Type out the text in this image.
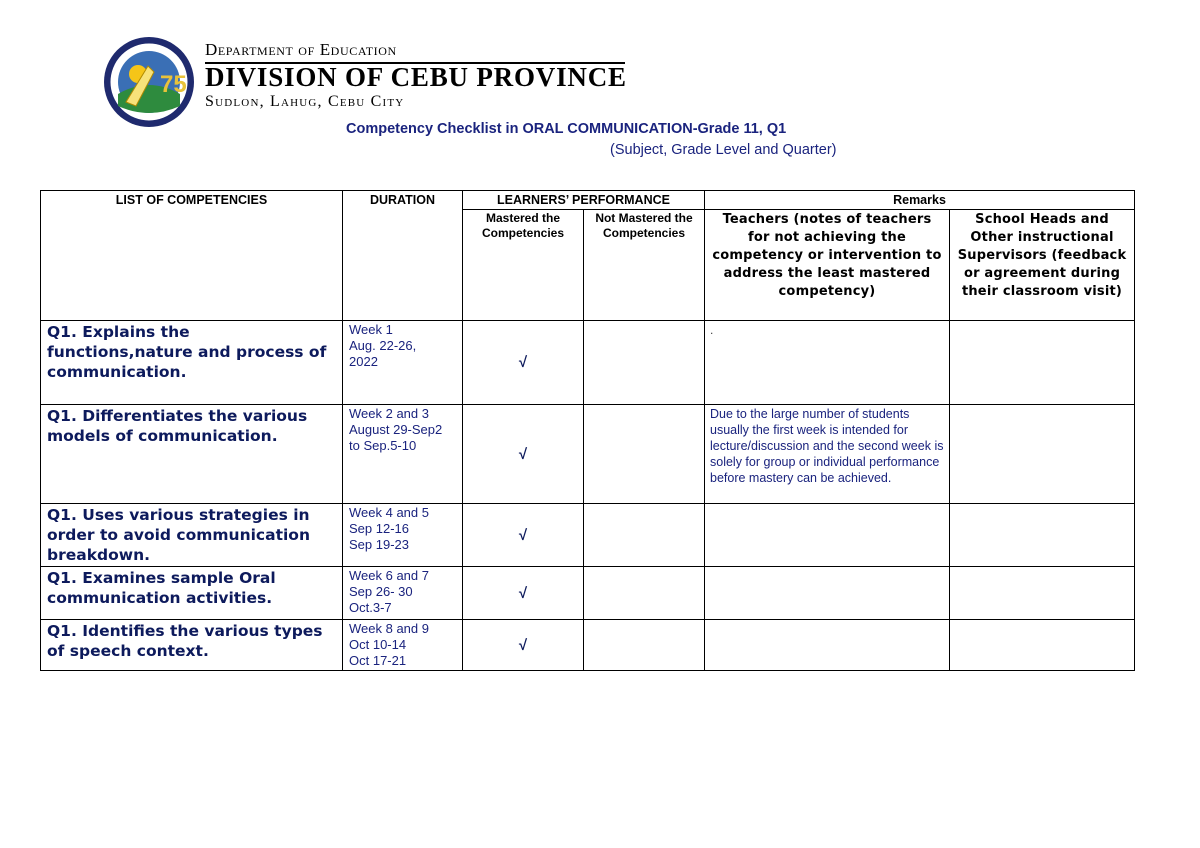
75
Department of Education
DIVISION OF CEBU PROVINCE
Sudlon, Lahug, Cebu City
Competency Checklist in ORAL COMMUNICATION-Grade 11, Q1
(Subject, Grade Level and Quarter)
LIST OF COMPETENCIES	DURATION	LEARNERS’ PERFORMANCE		Remarks	
		Mastered the Competencies	Not Mastered the Competencies	Teachers (notes of teachers for not achieving the competency or intervention to address the least mastered competency)	School Heads and Other instructional Supervisors (feedback or agreement during their classroom visit)
Q1. Explains the functions,nature and process of communication.	Week 1
Aug. 22-26,
2022	√		.	
Q1. Differentiates the various models of communication.	Week 2 and 3
August 29-Sep2
to Sep.5-10	√		Due to the large number of students usually the first week is intended for lecture/discussion and the second week is solely for group or individual performance before mastery can be achieved.	
Q1. Uses various strategies in order to avoid communication breakdown.	Week 4 and 5
Sep 12-16
Sep 19-23	√			
Q1. Examines sample Oral communication activities.	Week 6 and 7
Sep 26- 30
Oct.3-7	√			
Q1. Identifies the various types of speech context.	Week 8 and 9
Oct 10-14
Oct 17-21	√			
